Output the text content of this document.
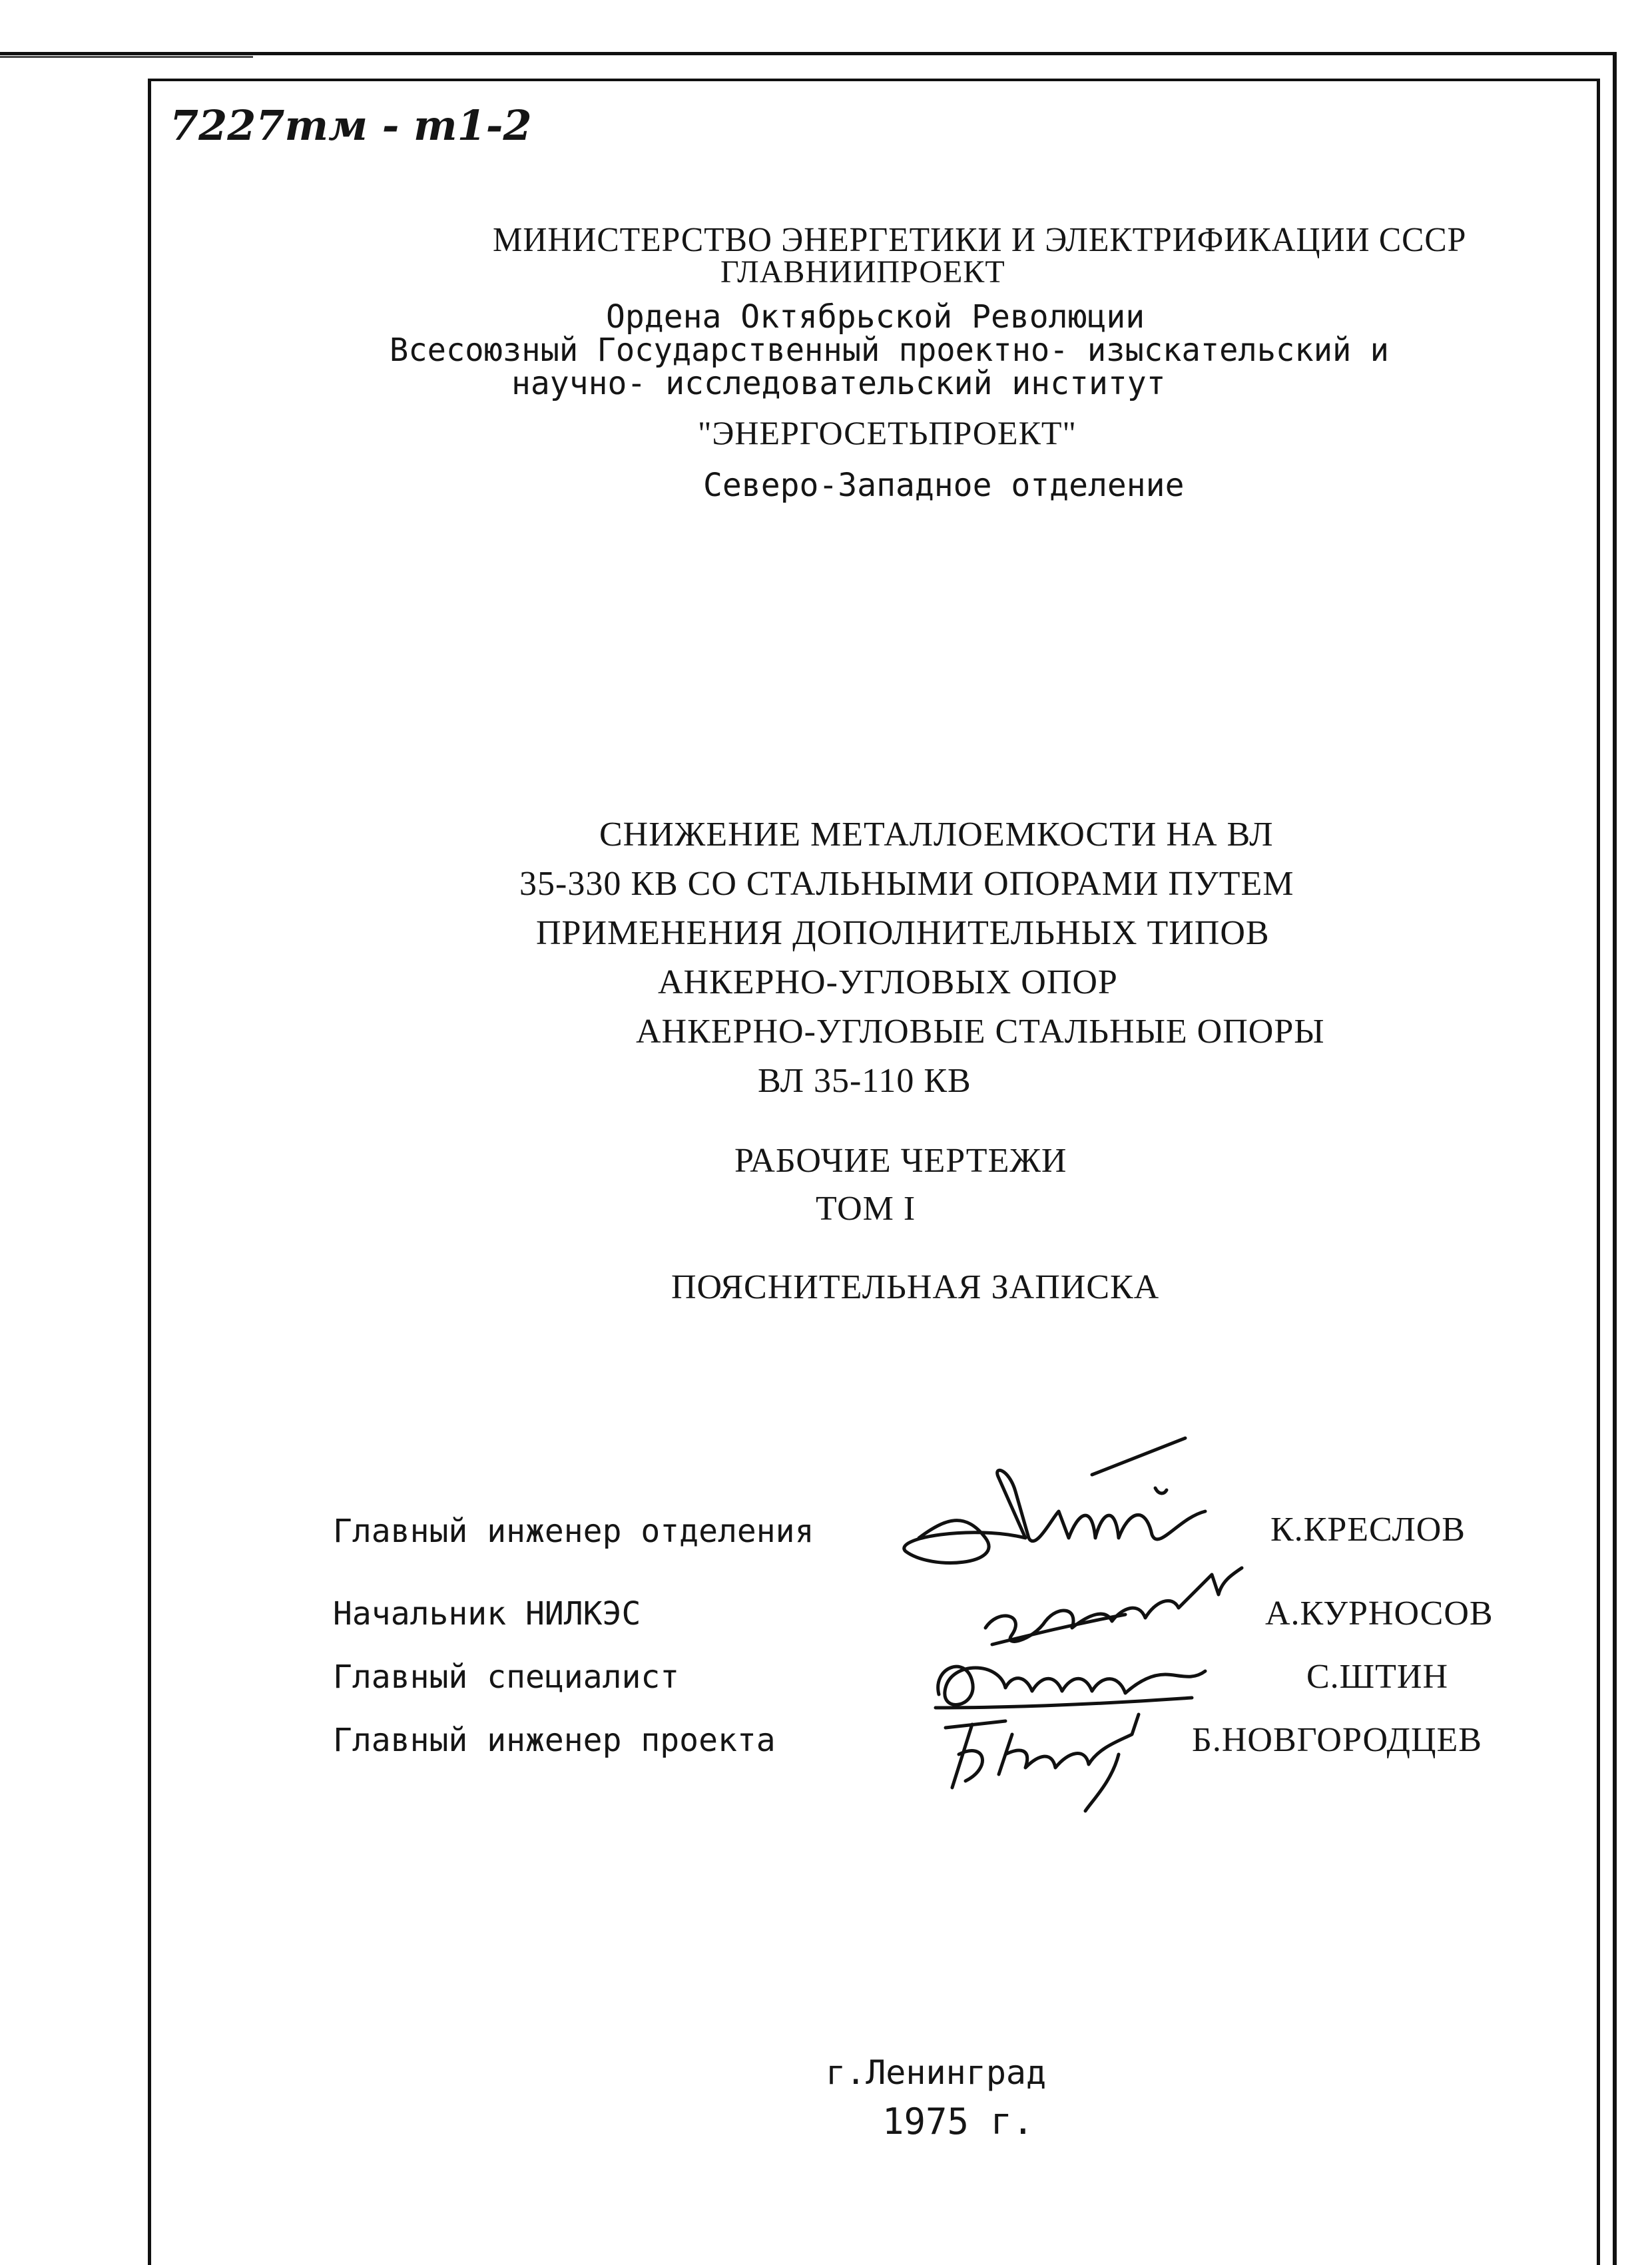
7227тм - т1-2
МИНИСТЕРСТВО ЭНЕРГЕТИКИ И ЭЛЕКТРИФИКАЦИИ СССР
ГЛАВНИИПРОЕКТ
Ордена Октябрьской Революции
Всесоюзный Государственный проектно- изыскательский и
научно- исследовательский институт
"ЭНЕРГОСЕТЬПРОЕКТ"
Северо-Западное отделение
СНИЖЕНИЕ МЕТАЛЛОЕМКОСТИ НА ВЛ
35-330 КВ СО СТАЛЬНЫМИ ОПОРАМИ ПУТЕМ
ПРИМЕНЕНИЯ ДОПОЛНИТЕЛЬНЫХ ТИПОВ
АНКЕРНО-УГЛОВЫХ ОПОР
АНКЕРНО-УГЛОВЫЕ СТАЛЬНЫЕ ОПОРЫ
ВЛ 35-110 КВ
РАБОЧИЕ ЧЕРТЕЖИ
ТОМ I
ПОЯСНИТЕЛЬНАЯ ЗАПИСКА
Главный инженер отделения
Начальник НИЛКЭС
Главный специалист
Главный инженер проекта
К.КРЕСЛОВ
А.КУРНОСОВ
С.ШТИН
Б.НОВГОРОДЦЕВ
г.Ленинград
1975 г.
